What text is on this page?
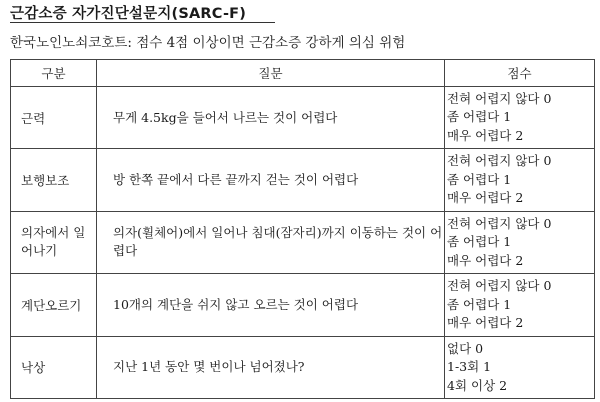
근감소증 자가진단설문지(SARC-F)
한국노인노쇠코호트: 점수 4점 이상이면 근감소증 강하게 의심 위험
구분	질문	점수
근력	무게 4.5kg을 들어서 나르는 것이 어렵다	전혀 어렵지 않다 0
좀 어렵다 1
매우 어렵다 2

보행보조	방 한쪽 끝에서 다른 끝까지 걷는 것이 어렵다	전혀 어렵지 않다 0
좀 어렵다 1
매우 어렵다 2

의자에서 일어나기	의자(휠체어)에서 일어나 침대(잠자리)까지 이동하는 것이 어렵다	전혀 어렵지 않다 0
좀 어렵다 1
매우 어렵다 2

계단오르기	10개의 계단을 쉬지 않고 오르는 것이 어렵다	전혀 어렵지 않다 0
좀 어렵다 1
매우 어렵다 2

낙상	지난 1년 동안 몇 번이나 넘어졌나?	없다 0
1-3회 1
4회 이상 2
